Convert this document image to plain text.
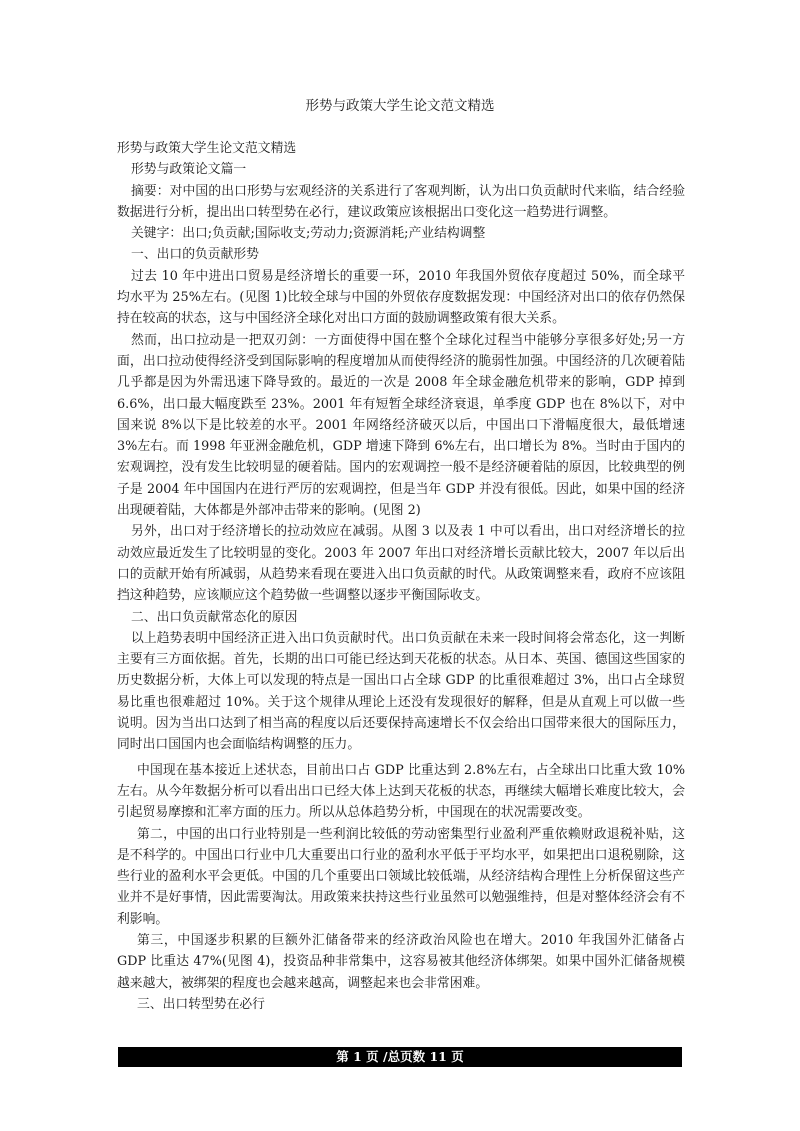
形势与政策大学生论文范文精选

形势与政策大学生论文范文精选

形势与政策论文篇一

摘要：对中国的出口形势与宏观经济的关系进行了客观判断，认为出口负贡献时代来临，结合经验数据进行分析，提出出口转型势在必行，建议政策应该根据出口变化这一趋势进行调整。

关键字：出口;负贡献;国际收支;劳动力;资源消耗;产业结构调整

一、出口的负贡献形势

过去 10 年中进出口贸易是经济增长的重要一环，2010 年我国外贸依存度超过 50%，而全球平均水平为 25%左右。(见图 1)比较全球与中国的外贸依存度数据发现：中国经济对出口的依存仍然保持在较高的状态，这与中国经济全球化对出口方面的鼓励调整政策有很大关系。

然而，出口拉动是一把双刃剑：一方面使得中国在整个全球化过程当中能够分享很多好处;另一方面，出口拉动使得经济受到国际影响的程度增加从而使得经济的脆弱性加强。中国经济的几次硬着陆几乎都是因为外需迅速下降导致的。最近的一次是 2008 年全球金融危机带来的影响，GDP 掉到 6.6%，出口最大幅度跌至 23%。2001 年有短暂全球经济衰退，单季度 GDP 也在 8%以下，对中国来说 8%以下是比较差的水平。2001 年网络经济破灭以后，中国出口下滑幅度很大，最低增速 3%左右。而 1998 年亚洲金融危机，GDP 增速下降到 6%左右，出口增长为 8%。当时由于国内的宏观调控，没有发生比较明显的硬着陆。国内的宏观调控一般不是经济硬着陆的原因，比较典型的例子是 2004 年中国国内在进行严厉的宏观调控，但是当年 GDP 并没有很低。因此，如果中国的经济出现硬着陆，大体都是外部冲击带来的影响。(见图 2)

另外，出口对于经济增长的拉动效应在减弱。从图 3 以及表 1 中可以看出，出口对经济增长的拉动效应最近发生了比较明显的变化。2003 年 2007 年出口对经济增长贡献比较大，2007 年以后出口的贡献开始有所减弱，从趋势来看现在要进入出口负贡献的时代。从政策调整来看，政府不应该阻挡这种趋势，应该顺应这个趋势做一些调整以逐步平衡国际收支。

二、出口负贡献常态化的原因

以上趋势表明中国经济正进入出口负贡献时代。出口负贡献在未来一段时间将会常态化，这一判断主要有三方面依据。首先，长期的出口可能已经达到天花板的状态。从日本、英国、德国这些国家的历史数据分析，大体上可以发现的特点是一国出口占全球 GDP 的比重很难超过 3%，出口占全球贸易比重也很难超过 10%。关于这个规律从理论上还没有发现很好的解释，但是从直观上可以做一些说明。因为当出口达到了相当高的程度以后还要保持高速增长不仅会给出口国带来很大的国际压力，同时出口国国内也会面临结构调整的压力。

中国现在基本接近上述状态，目前出口占 GDP 比重达到 2.8%左右，占全球出口比重大致 10%左右。从今年数据分析可以看出出口已经大体上达到天花板的状态，再继续大幅增长难度比较大，会引起贸易摩擦和汇率方面的压力。所以从总体趋势分析，中国现在的状况需要改变。

第二，中国的出口行业特别是一些利润比较低的劳动密集型行业盈利严重依赖财政退税补贴，这是不科学的。中国出口行业中几大重要出口行业的盈利水平低于平均水平，如果把出口退税剔除，这些行业的盈利水平会更低。中国的几个重要出口领域比较低端，从经济结构合理性上分析保留这些产业并不是好事情，因此需要淘汰。用政策来扶持这些行业虽然可以勉强维持，但是对整体经济会有不利影响。

第三，中国逐步积累的巨额外汇储备带来的经济政治风险也在增大。2010 年我国外汇储备占 GDP 比重达 47%(见图 4)，投资品种非常集中，这容易被其他经济体绑架。如果中国外汇储备规模越来越大，被绑架的程度也会越来越高，调整起来也会非常困难。

三、出口转型势在必行

第 1 页 /总页数 11 页
